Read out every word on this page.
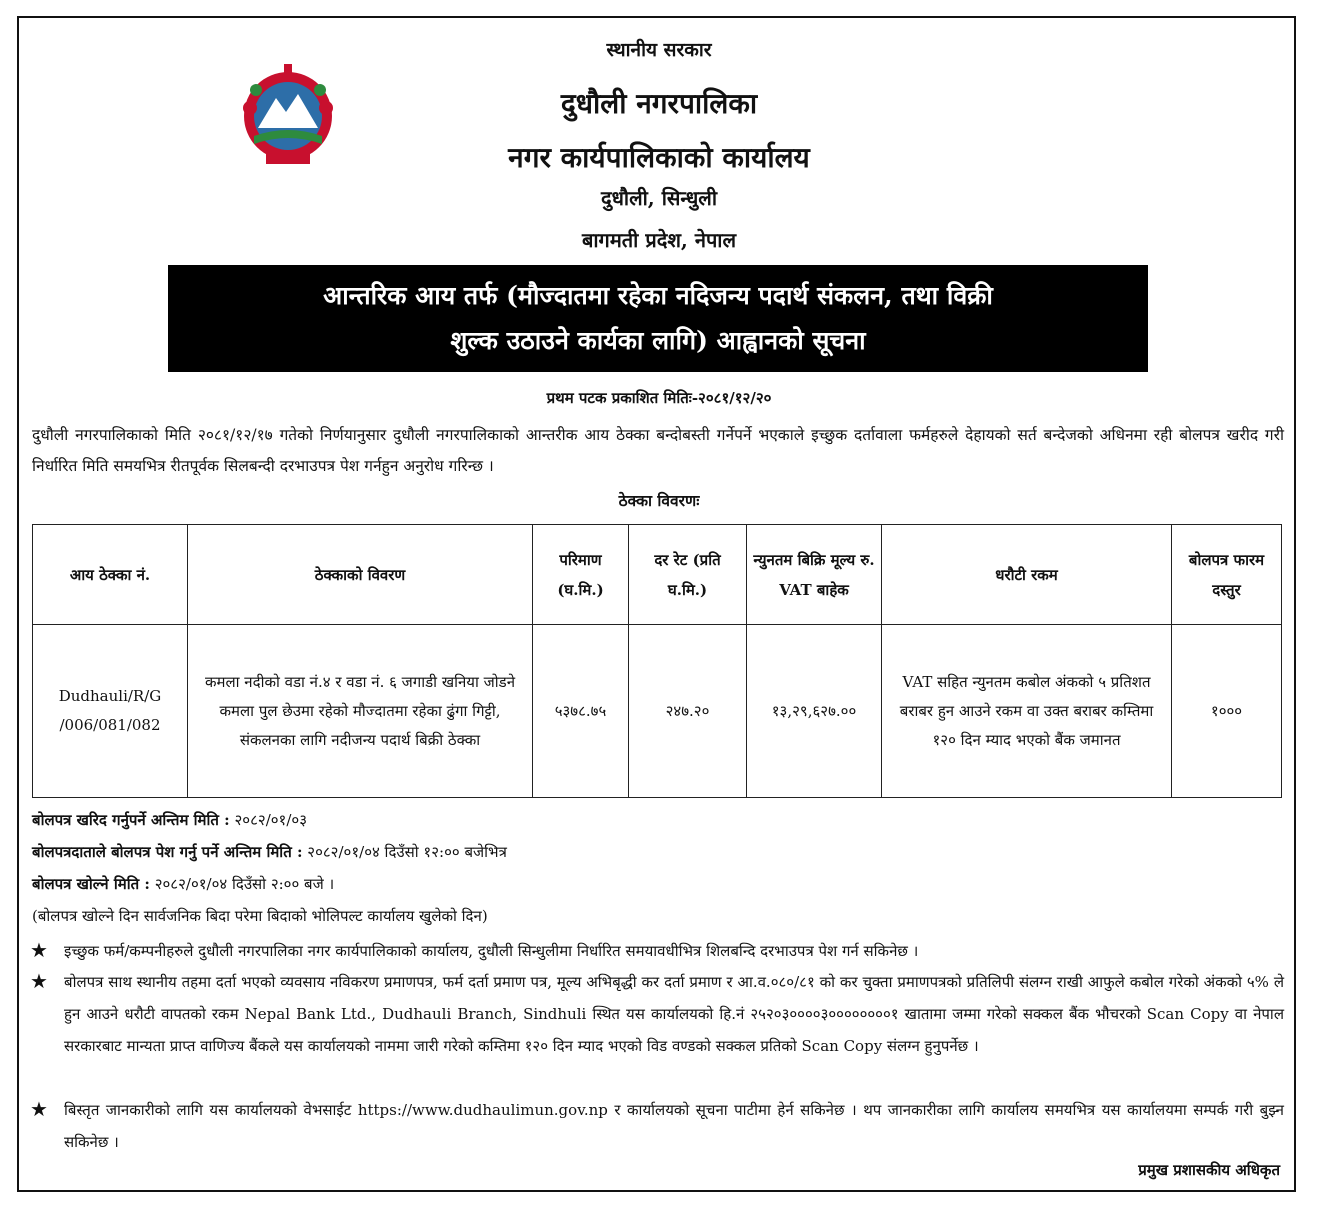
स्थानीय सरकार
दुधौली नगरपालिका
नगर कार्यपालिकाको कार्यालय
दुधौली, सिन्धुली
बागमती प्रदेश, नेपाल
आन्तरिक आय तर्फ (मौज्दातमा रहेका नदिजन्य पदार्थ संकलन, तथा विक्री
शुल्क उठाउने कार्यका लागि) आह्वानको सूचना
प्रथम पटक प्रकाशित मितिः-२०८१/१२/२०
दुधौली नगरपालिकाको मिति २०८१/१२/१७ गतेको निर्णयानुसार दुधौली नगरपालिकाको आन्तरीक आय ठेक्का बन्दोबस्ती गर्नेपर्ने भएकाले इच्छुक दर्तावाला फर्महरुले देहायको सर्त बन्देजको अधिनमा रही बोलपत्र खरीद गरी निर्धारित मिति समयभित्र रीतपूर्वक सिलबन्दी दरभाउपत्र पेश गर्नहुन अनुरोध गरिन्छ ।
ठेक्का विवरणः
आय ठेक्का नं.	ठेक्काको विवरण	परिमाण (घ.मि.)	दर रेट (प्रति घ.मि.)	न्युनतम बिक्रि मूल्य रु. VAT बाहेक	धरौटी रकम	बोलपत्र फारम दस्तुर
Dudhauli/R/G /006/081/082	कमला नदीको वडा नं.४ र वडा नं. ६ जगाडी खनिया जोडने कमला पुल छेउमा रहेको मौज्दातमा रहेका ढुंगा गिट्टी, संकलनका लागि नदीजन्य पदार्थ बिक्री ठेक्का	५३७८.७५	२४७.२०	१३,२९,६२७.००	VAT सहित न्युनतम कबोल अंकको ५ प्रतिशत बराबर हुन आउने रकम वा उक्त बराबर कम्तिमा १२० दिन म्याद भएको बैंक जमानत	१०००
बोलपत्र खरिद गर्नुपर्ने अन्तिम मिति : २०८२/०१/०३
बोलपत्रदाताले बोलपत्र पेश गर्नु पर्ने अन्तिम मिति : २०८२/०१/०४ दिउँसो १२:०० बजेभित्र
बोलपत्र खोल्ने मिति : २०८२/०१/०४ दिउँसो २:०० बजे ।
(बोलपत्र खोल्ने दिन सार्वजनिक बिदा परेमा बिदाको भोलिपल्ट कार्यालय खुलेको दिन)
★ इच्छुक फर्म/कम्पनीहरुले दुधौली नगरपालिका नगर कार्यपालिकाको कार्यालय, दुधौली सिन्धुलीमा निर्धारित समयावधीभित्र शिलबन्दि दरभाउपत्र पेश गर्न सकिनेछ ।
★ बोलपत्र साथ स्थानीय तहमा दर्ता भएको व्यवसाय नविकरण प्रमाणपत्र, फर्म दर्ता प्रमाण पत्र, मूल्य अभिबृद्धी कर दर्ता प्रमाण र आ.व.०८०/८१ को कर चुक्ता प्रमाणपत्रको प्रतिलिपी संलग्न राखी आफुले कबोल गरेको अंकको ५% ले हुन आउने धरौटी वापतको रकम Nepal Bank Ltd., Dudhauli Branch, Sindhuli स्थित यस कार्यालयको हि.नं २५२०३००००३००००००००१ खातामा जम्मा गरेको सक्कल बैंक भौचरको Scan Copy वा नेपाल सरकारबाट मान्यता प्राप्त वाणिज्य बैंकले यस कार्यालयको नाममा जारी गरेको कम्तिमा १२० दिन म्याद भएको विड वण्डको सक्कल प्रतिको Scan Copy संलग्न हुनुपर्नेछ ।
★ बिस्तृत जानकारीको लागि यस कार्यालयको वेभसाईट https://www.dudhaulimun.gov.np र कार्यालयको सूचना पाटीमा हेर्न सकिनेछ । थप जानकारीका लागि कार्यालय समयभित्र यस कार्यालयमा सम्पर्क गरी बुझ्न सकिनेछ ।
प्रमुख प्रशासकीय अधिकृत
